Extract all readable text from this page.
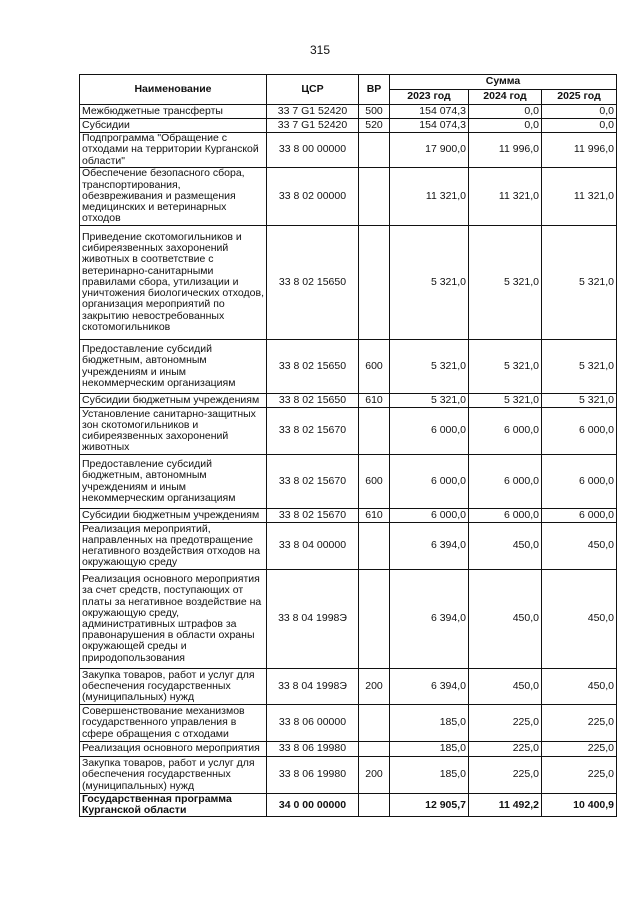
315
Наименование	ЦСР	ВР	Сумма		
			2023 год	2024 год	2025 год
Межбюджетные трансферты	33 7 G1 52420	500	154 074,3	0,0	0,0
Субсидии	33 7 G1 52420	520	154 074,3	0,0	0,0
Подпрограмма "Обращение с отходами на территории Курганской области"	33 8 00 00000		17 900,0	11 996,0	11 996,0
Обеспечение безопасного сбора, транспортирования, обезвреживания и размещения медицинских и ветеринарных отходов	33 8 02 00000		11 321,0	11 321,0	11 321,0
Приведение скотомогильников и сибиреязвенных захоронений животных в соответствие с ветеринарно-санитарными правилами сбора, утилизации и уничтожения биологических отходов, организация мероприятий по закрытию невостребованных скотомогильников	33 8 02 15650		5 321,0	5 321,0	5 321,0
Предоставление субсидий бюджетным, автономным учреждениям и иным некоммерческим организациям	33 8 02 15650	600	5 321,0	5 321,0	5 321,0
Субсидии бюджетным учреждениям	33 8 02 15650	610	5 321,0	5 321,0	5 321,0
Установление санитарно-защитных зон скотомогильников и сибиреязвенных захоронений животных	33 8 02 15670		6 000,0	6 000,0	6 000,0
Предоставление субсидий бюджетным, автономным учреждениям и иным некоммерческим организациям	33 8 02 15670	600	6 000,0	6 000,0	6 000,0
Субсидии бюджетным учреждениям	33 8 02 15670	610	6 000,0	6 000,0	6 000,0
Реализация мероприятий, направленных на предотвращение негативного воздействия отходов на окружающую среду	33 8 04 00000		6 394,0	450,0	450,0
Реализация основного мероприятия за счет средств, поступающих от платы за негативное воздействие на окружающую среду, административных штрафов за правонарушения в области охраны окружающей среды и природопользования	33 8 04 1998Э		6 394,0	450,0	450,0
Закупка товаров, работ и услуг для обеспечения государственных (муниципальных) нужд	33 8 04 1998Э	200	6 394,0	450,0	450,0
Совершенствование механизмов государственного управления в сфере обращения с отходами	33 8 06 00000		185,0	225,0	225,0
Реализация основного мероприятия	33 8 06 19980		185,0	225,0	225,0
Закупка товаров, работ и услуг для обеспечения государственных (муниципальных) нужд	33 8 06 19980	200	185,0	225,0	225,0
Государственная программа Курганской области	34 0 00 00000		12 905,7	11 492,2	10 400,9
